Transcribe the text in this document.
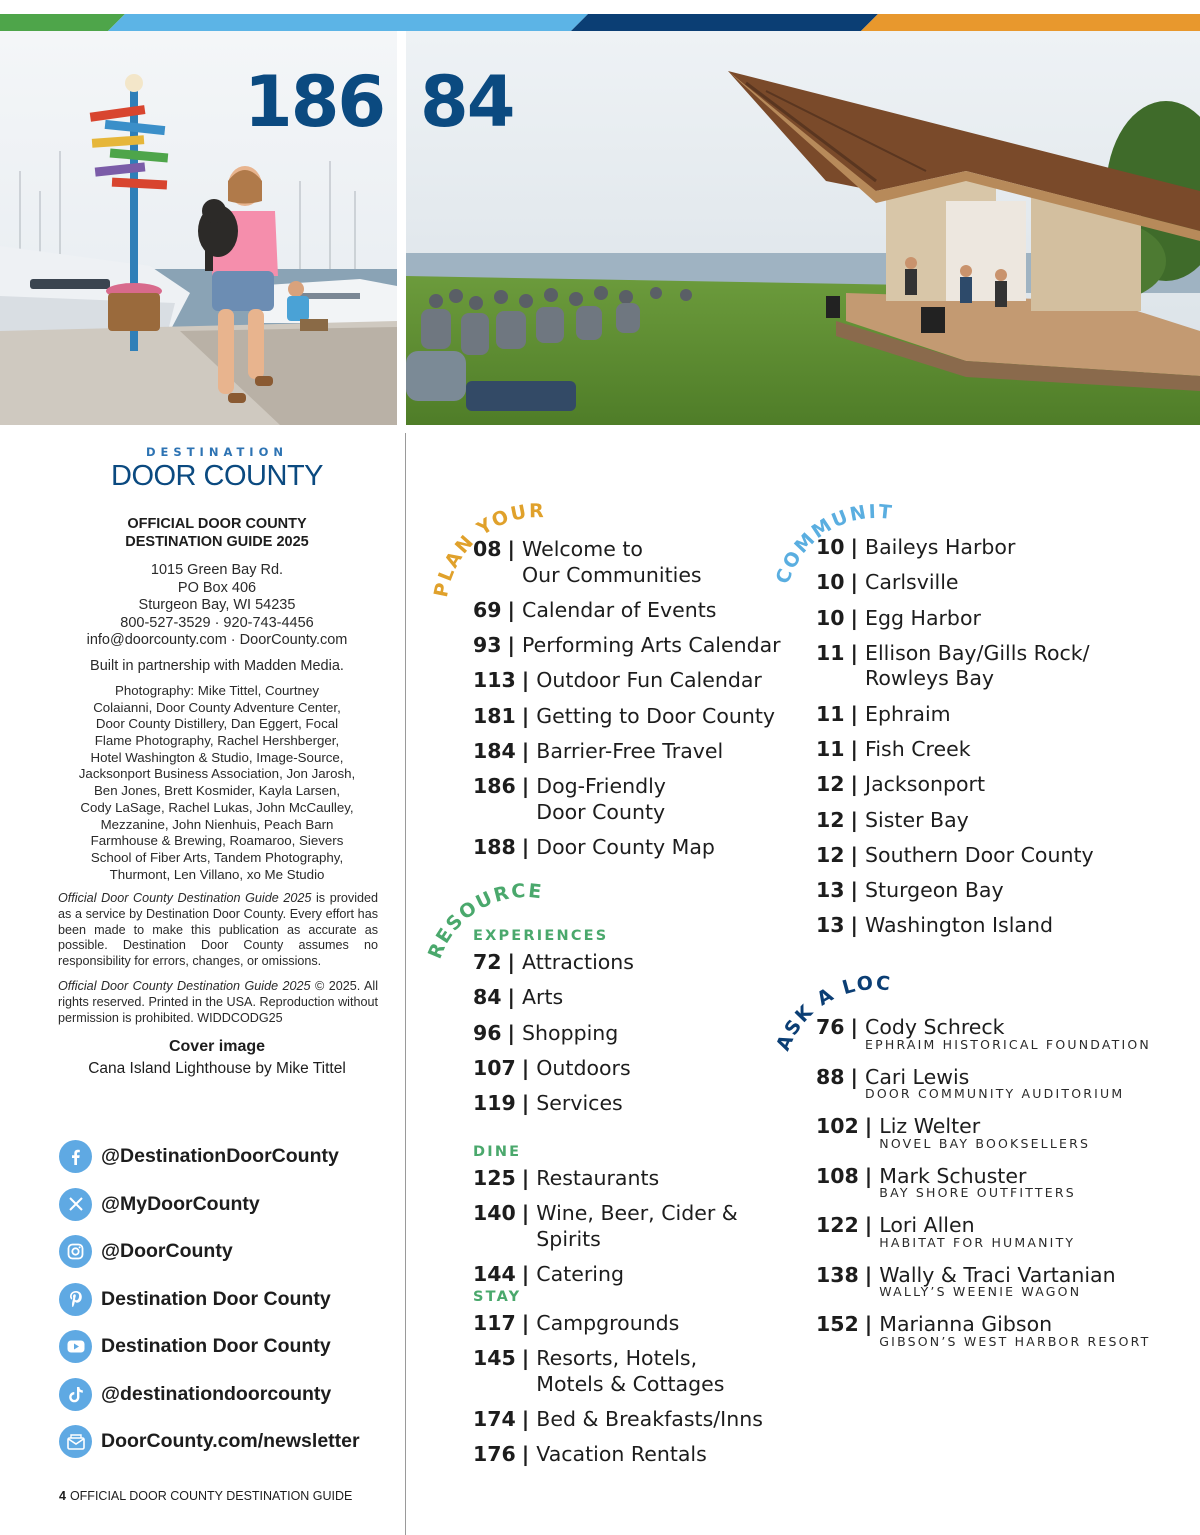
186 84
DESTINATION
DOOR COUNTY
OFFICIAL DOOR COUNTY
DESTINATION GUIDE 2025
1015 Green Bay Rd.
PO Box 406
Sturgeon Bay, WI 54235
800-527-3529 · 920-743-4456
info@doorcounty.com · DoorCounty.com
Built in partnership with Madden Media.
Photography: Mike Tittel, Courtney
Colaianni, Door County Adventure Center,
Door County Distillery, Dan Eggert, Focal
Flame Photography, Rachel Hershberger,
Hotel Washington & Studio, Image-Source,
Jacksonport Business Association, Jon Jarosh,
Ben Jones, Brett Kosmider, Kayla Larsen,
Cody LaSage, Rachel Lukas, John McCaulley,
Mezzanine, John Nienhuis, Peach Barn
Farmhouse & Brewing, Roamaroo, Sievers
School of Fiber Arts, Tandem Photography,
Thurmont, Len Villano, xo Me Studio
Official Door County Destination Guide 2025 is provided as a service by Destination Door County. Every effort has been made to make this publication as accurate as possible. Destination Door County assumes no responsibility for errors, changes, or omissions.
Official Door County Destination Guide 2025 © 2025. All rights reserved. Printed in the USA. Reproduction without permission is prohibited. WIDDCODG25
Cover image
Cana Island Lighthouse by Mike Tittel
@DestinationDoorCounty
@MyDoorCounty
@DoorCounty
Destination Door County
Destination Door County
@destinationdoorcounty
DoorCounty.com/newsletter
4 OFFICIAL DOOR COUNTY DESTINATION GUIDE
PLAN YOUR TRIP
RESOURCES
COMMUNITIES
ASK A LOCAL
08 | Welcome to
Our Communities
69 | Calendar of Events
93 | Performing Arts Calendar
113 | Outdoor Fun Calendar
181 | Getting to Door County
184 | Barrier-Free Travel
186 | Dog-Friendly
Door County
188 | Door County Map
EXPERIENCES
72 | Attractions
84 | Arts
96 | Shopping
107 | Outdoors
119 | Services
DINE
125 | Restaurants
140 | Wine, Beer, Cider & Spirits
144 | Catering
STAY
117 | Campgrounds
145 | Resorts, Hotels,
Motels & Cottages
174 | Bed & Breakfasts/Inns
176 | Vacation Rentals
10 | Baileys Harbor
10 | Carlsville
10 | Egg Harbor
11 | Ellison Bay/Gills Rock/
Rowleys Bay
11 | Ephraim
11 | Fish Creek
12 | Jacksonport
12 | Sister Bay
12 | Southern Door County
13 | Sturgeon Bay
13 | Washington Island
76 | Cody Schreck
EPHRAIM HISTORICAL FOUNDATION
88 | Cari Lewis
DOOR COMMUNITY AUDITORIUM
102 | Liz Welter
NOVEL BAY BOOKSELLERS
108 | Mark Schuster
BAY SHORE OUTFITTERS
122 | Lori Allen
HABITAT FOR HUMANITY
138 | Wally & Traci Vartanian
WALLY’S WEENIE WAGON
152 | Marianna Gibson
GIBSON’S WEST HARBOR RESORT
